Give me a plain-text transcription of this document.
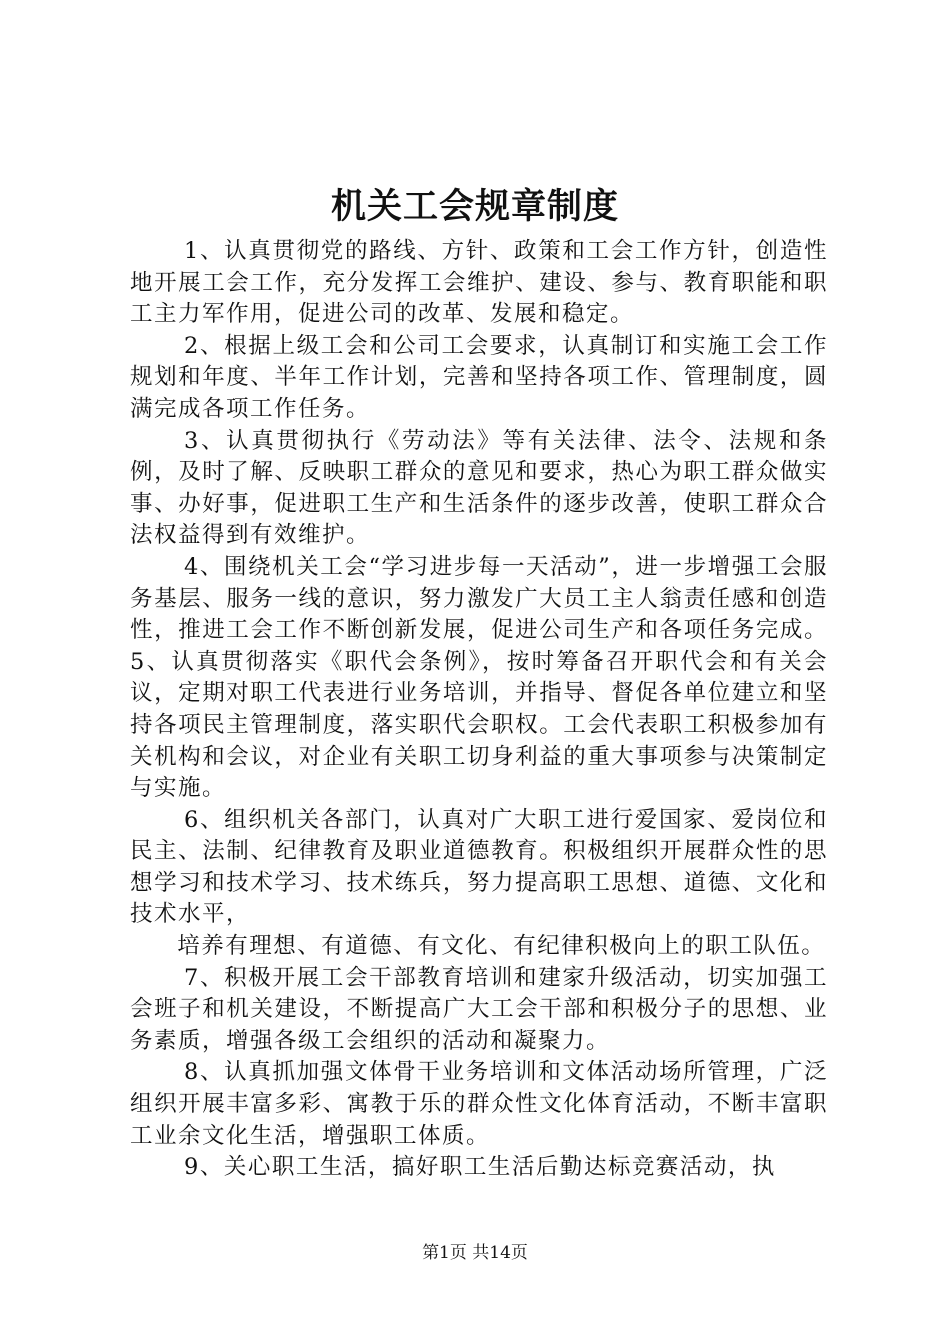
机关工会规章制度

1、认真贯彻党的路线、方针、政策和工会工作方针，创造性地开展工会工作，充分发挥工会维护、建设、参与、教育职能和职工主力军作用，促进公司的改革、发展和稳定。

2、根据上级工会和公司工会要求，认真制订和实施工会工作规划和年度、半年工作计划，完善和坚持各项工作、管理制度，圆满完成各项工作任务。

3、认真贯彻执行《劳动法》等有关法律、法令、法规和条例，及时了解、反映职工群众的意见和要求，热心为职工群众做实事、办好事，促进职工生产和生活条件的逐步改善，使职工群众合法权益得到有效维护。

4、围绕机关工会“学习进步每一天活动”，进一步增强工会服务基层、服务一线的意识，努力激发广大员工主人翁责任感和创造性，推进工会工作不断创新发展，促进公司生产和各项任务完成。5、认真贯彻落实《职代会条例》，按时筹备召开职代会和有关会议，定期对职工代表进行业务培训，并指导、督促各单位建立和坚持各项民主管理制度，落实职代会职权。工会代表职工积极参加有关机构和会议，对企业有关职工切身利益的重大事项参与决策制定与实施。

6、组织机关各部门，认真对广大职工进行爱国家、爱岗位和民主、法制、纪律教育及职业道德教育。积极组织开展群众性的思想学习和技术学习、技术练兵，努力提高职工思想、道德、文化和技术水平，

培养有理想、有道德、有文化、有纪律积极向上的职工队伍。

7、积极开展工会干部教育培训和建家升级活动，切实加强工会班子和机关建设，不断提高广大工会干部和积极分子的思想、业务素质，增强各级工会组织的活动和凝聚力。

8、认真抓加强文体骨干业务培训和文体活动场所管理，广泛组织开展丰富多彩、寓教于乐的群众性文化体育活动，不断丰富职工业余文化生活，增强职工体质。

9、关心职工生活，搞好职工生活后勤达标竞赛活动，执

第1页 共14页
